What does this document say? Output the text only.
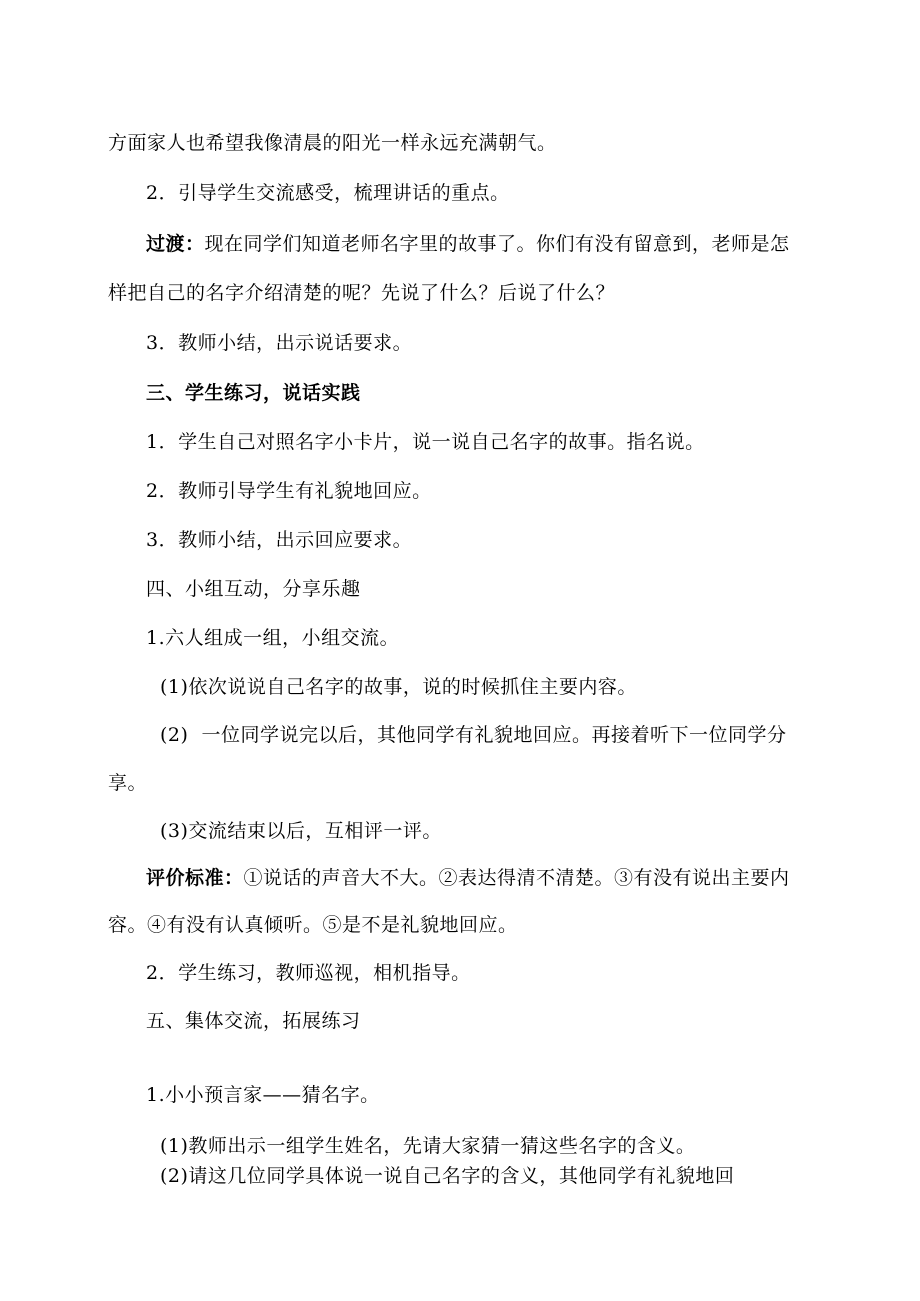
方面家人也希望我像清晨的阳光一样永远充满朝气。
2．引导学生交流感受，梳理讲话的重点。
过渡：现在同学们知道老师名字里的故事了。你们有没有留意到，老师是怎
样把自己的名字介绍清楚的呢？先说了什么？后说了什么？
3．教师小结，出示说话要求。
三、学生练习，说话实践
1．学生自己对照名字小卡片，说一说自己名字的故事。指名说。
2．教师引导学生有礼貌地回应。
3．教师小结，出示回应要求。
四、小组互动，分享乐趣
1.六人组成一组，小组交流。
(1)依次说说自己名字的故事，说的时候抓住主要内容。
(2)  一位同学说完以后，其他同学有礼貌地回应。再接着听下一位同学分
享。
(3)交流结束以后，互相评一评。
评价标准：①说话的声音大不大。②表达得清不清楚。③有没有说出主要内
容。④有没有认真倾听。⑤是不是礼貌地回应。
2．学生练习，教师巡视，相机指导。
五、集体交流，拓展练习
1.小小预言家——猜名字。
(1)教师出示一组学生姓名，先请大家猜一猜这些名字的含义。
(2)请这几位同学具体说一说自己名字的含义，其他同学有礼貌地回
